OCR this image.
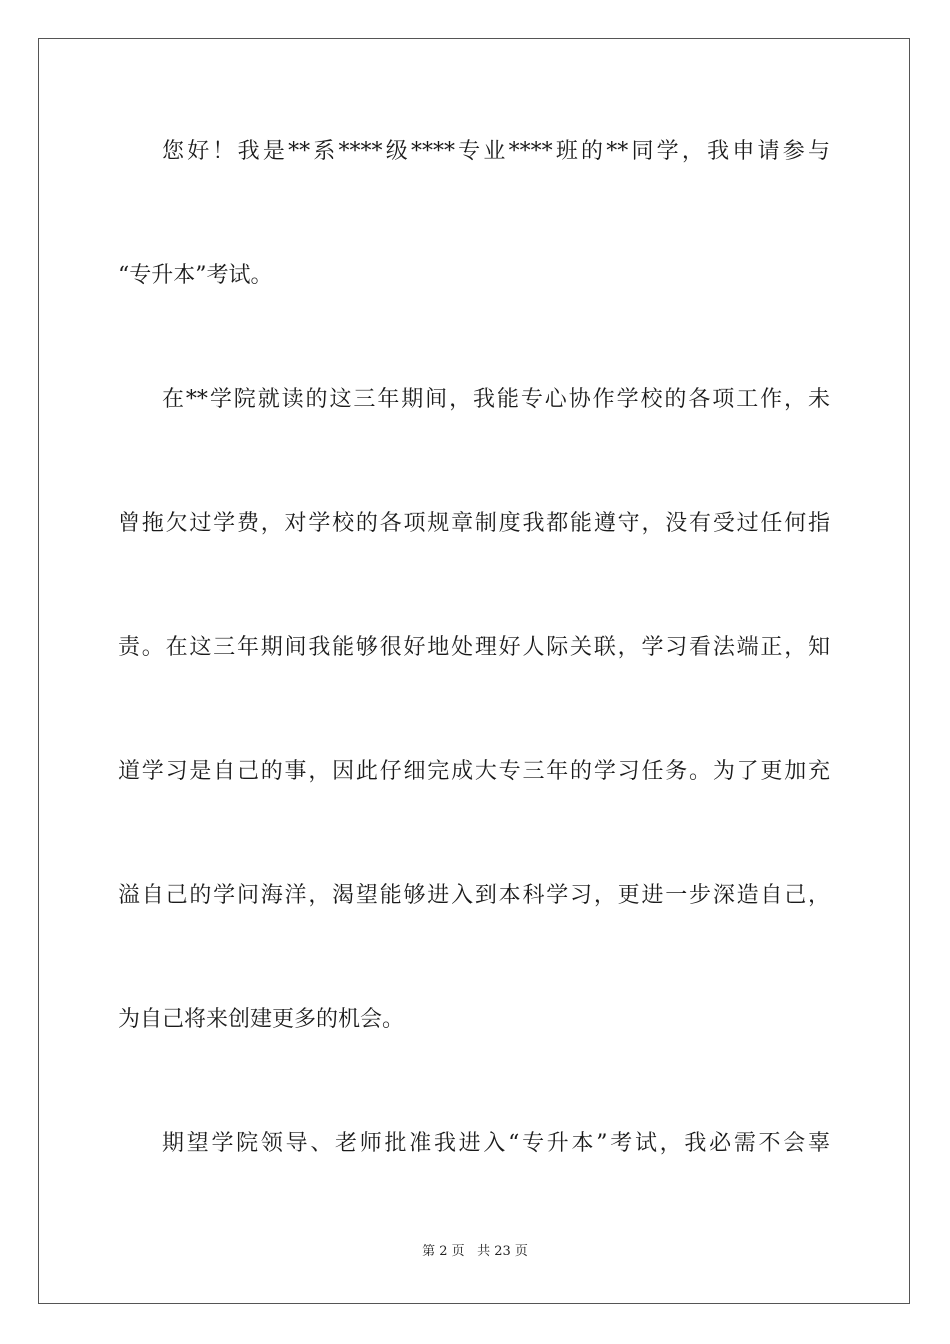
您好！我是**系****级****专业****班的**同学，我申请参与
“专升本”考试。
在**学院就读的这三年期间，我能专心协作学校的各项工作，未
曾拖欠过学费，对学校的各项规章制度我都能遵守，没有受过任何指
责。在这三年期间我能够很好地处理好人际关联，学习看法端正，知
道学习是自己的事，因此仔细完成大专三年的学习任务。为了更加充
溢自己的学问海洋，渴望能够进入到本科学习，更进一步深造自己，
为自己将来创建更多的机会。
期望学院领导、老师批准我进入“专升本”考试，我必需不会辜
第 2 页 共 23 页
